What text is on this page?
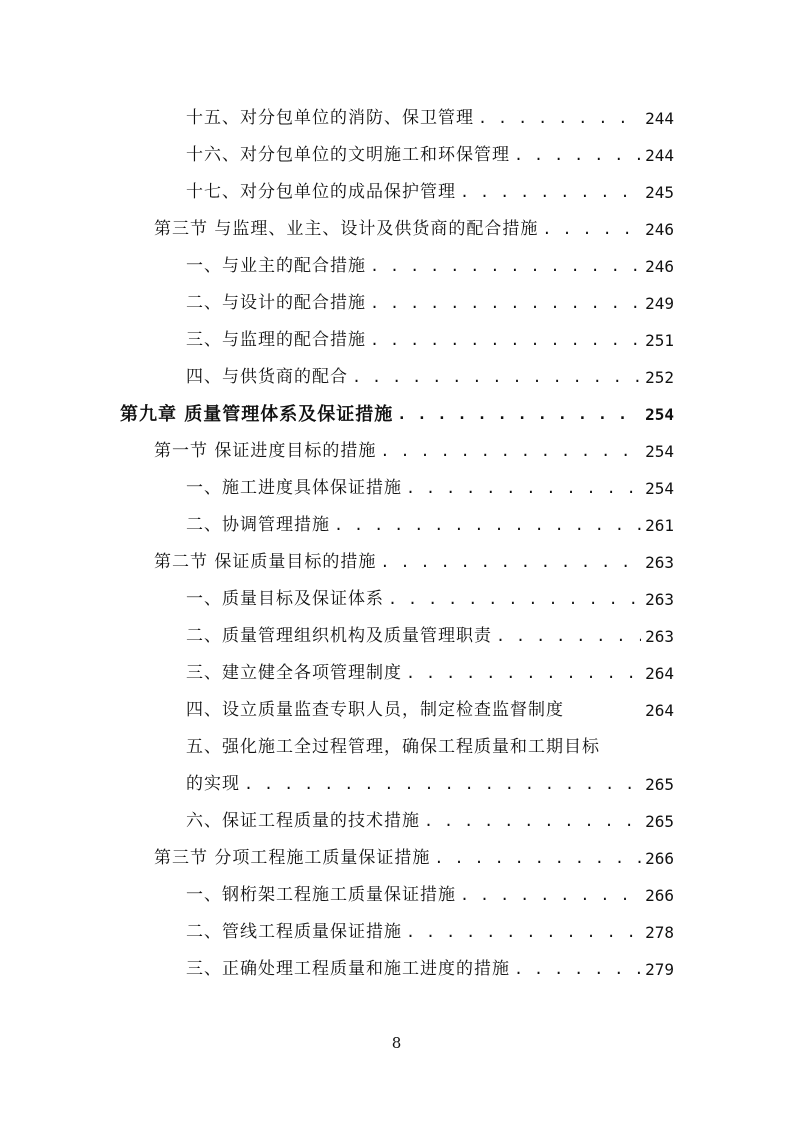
十五、对分包单位的消防、保卫管理 . . .	244
十六、对分包单位的文明施工和环保管理 . . .	244
十七、对分包单位的成品保护管理 . . .	245
第三节 与监理、业主、设计及供货商的配合措施 . . .	246
一、与业主的配合措施 . . .	246
二、与设计的配合措施 . . .	249
三、与监理的配合措施 . . .	251
四、与供货商的配合 . . .	252
第九章 质量管理体系及保证措施 . . .	254
第一节 保证进度目标的措施 . . .	254
一、施工进度具体保证措施 . . .	254
二、协调管理措施 . . .	261
第二节 保证质量目标的措施 . . .	263
一、质量目标及保证体系 . . .	263
二、质量管理组织机构及质量管理职责 . . .	263
三、建立健全各项管理制度 . . .	264
四、设立质量监查专职人员，制定检查监督制度	264
五、强化施工全过程管理，确保工程质量和工期目标
的实现 . . .	265
六、保证工程质量的技术措施 . . .	265
第三节 分项工程施工质量保证措施 . . .	266
一、钢桁架工程施工质量保证措施 . . .	266
二、管线工程质量保证措施 . . .	278
三、正确处理工程质量和施工进度的措施 . . .	279
8
